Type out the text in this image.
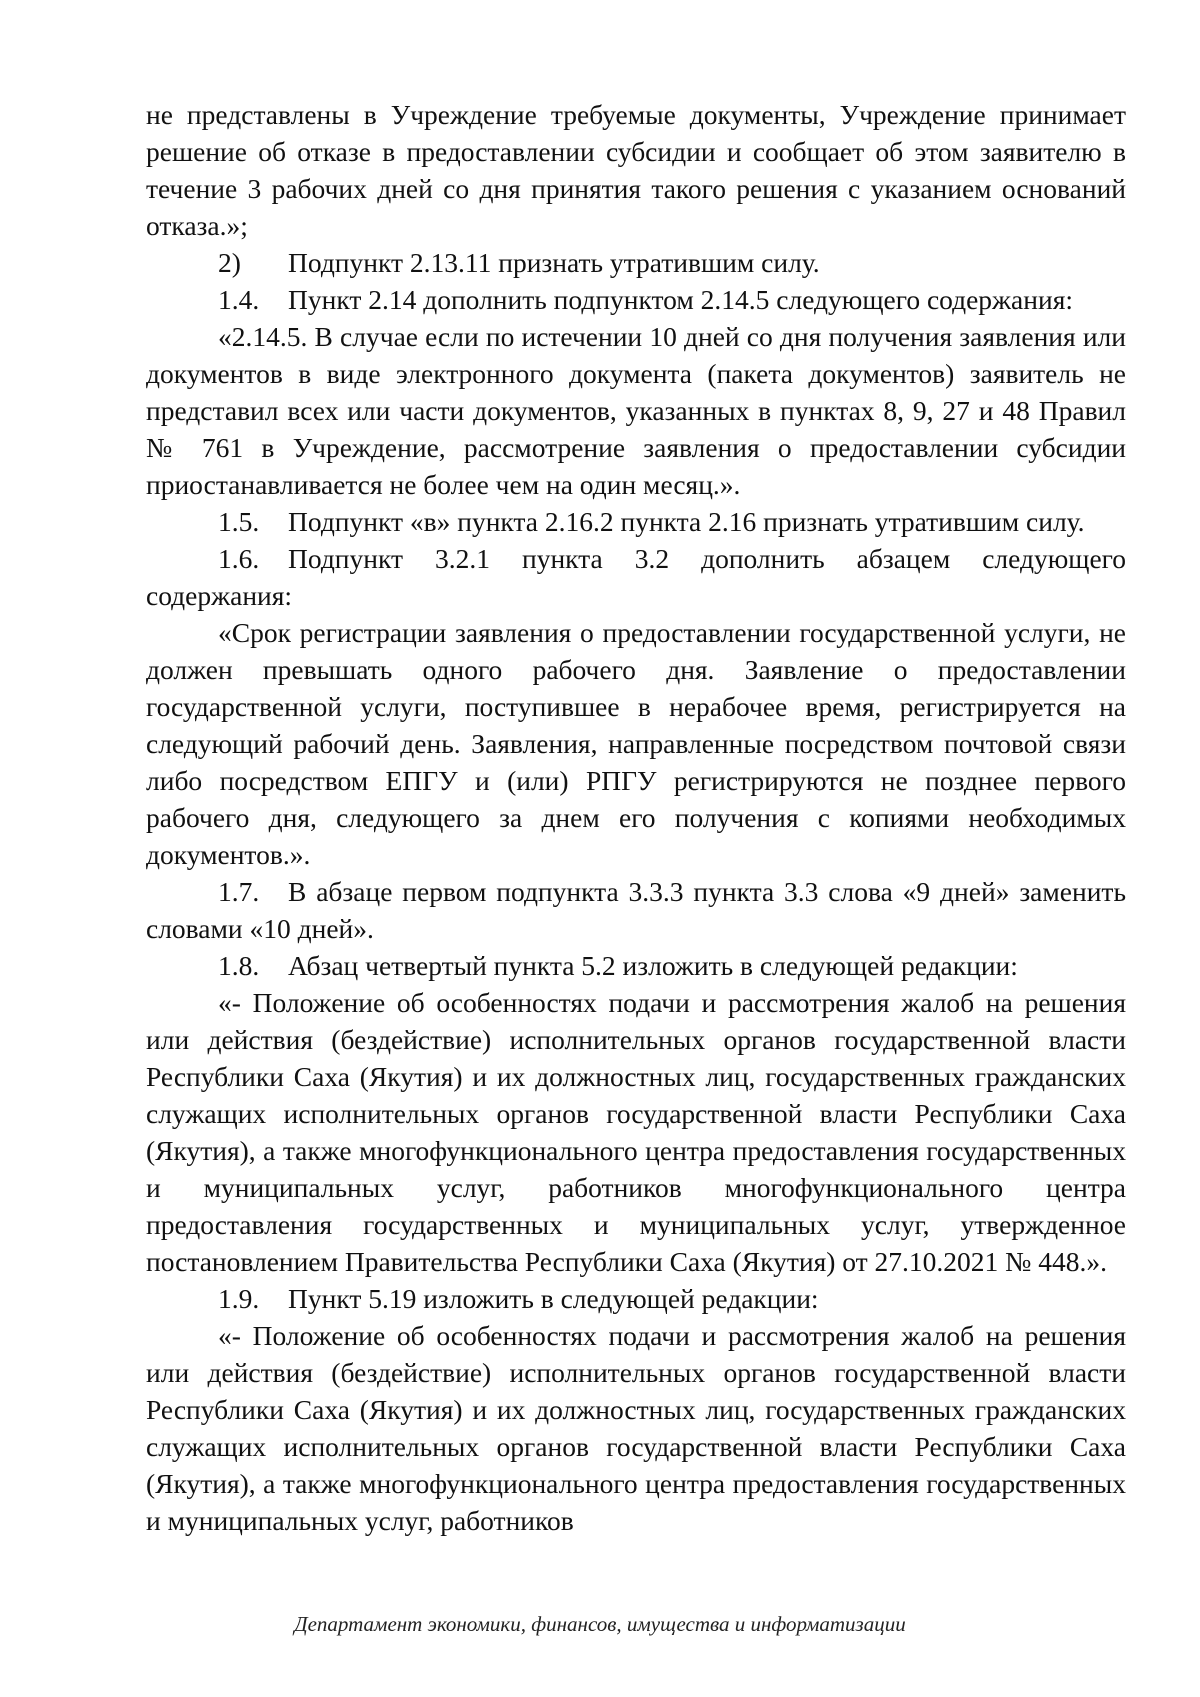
не представлены в Учреждение требуемые документы, Учреждение принимает решение об отказе в предоставлении субсидии и сообщает об этом заявителю в течение 3 рабочих дней со дня принятия такого решения с указанием оснований отказа.»;

2) Подпункт 2.13.11 признать утратившим силу.

1.4. Пункт 2.14 дополнить подпунктом 2.14.5 следующего содержания:

«2.14.5. В случае если по истечении 10 дней со дня получения заявления или документов в виде электронного документа (пакета документов) заявитель не представил всех или части документов, указанных в пунктах 8, 9, 27 и 48 Правил № 761 в Учреждение, рассмотрение заявления о предоставлении субсидии приостанавливается не более чем на один месяц.».

1.5. Подпункт «в» пункта 2.16.2 пункта 2.16 признать утратившим силу.

1.6. Подпункт 3.2.1 пункта 3.2 дополнить абзацем следующего содержания:

«Срок регистрации заявления о предоставлении государственной услуги, не должен превышать одного рабочего дня. Заявление о предоставлении государственной услуги, поступившее в нерабочее время, регистрируется на следующий рабочий день. Заявления, направленные посредством почтовой связи либо посредством ЕПГУ и (или) РПГУ регистрируются не позднее первого рабочего дня, следующего за днем его получения с копиями необходимых документов.».

1.7. В абзаце первом подпункта 3.3.3 пункта 3.3 слова «9 дней» заменить словами «10 дней».

1.8. Абзац четвертый пункта 5.2 изложить в следующей редакции:

«- Положение об особенностях подачи и рассмотрения жалоб на решения или действия (бездействие) исполнительных органов государственной власти Республики Саха (Якутия) и их должностных лиц, государственных гражданских служащих исполнительных органов государственной власти Республики Саха (Якутия), а также многофункционального центра предоставления государственных и муниципальных услуг, работников многофункционального центра предоставления государственных и муниципальных услуг, утвержденное постановлением Правительства Республики Саха (Якутия) от 27.10.2021 № 448.».

1.9. Пункт 5.19 изложить в следующей редакции:

«- Положение об особенностях подачи и рассмотрения жалоб на решения или действия (бездействие) исполнительных органов государственной власти Республики Саха (Якутия) и их должностных лиц, государственных гражданских служащих исполнительных органов государственной власти Республики Саха (Якутия), а также многофункционального центра предоставления государственных и муниципальных услуг, работников

Департамент экономики, финансов, имущества и информатизации
